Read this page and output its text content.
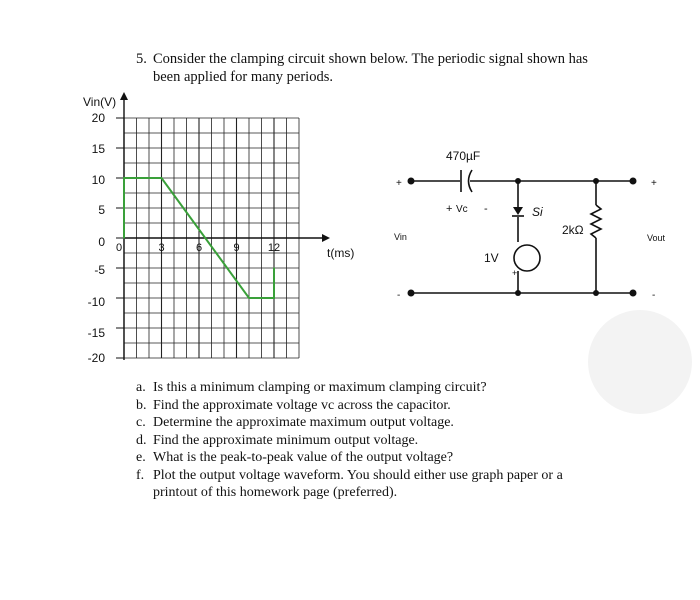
5. Consider the clamping circuit shown below. The periodic signal shown has
been applied for many periods.
20
15
10
5
0
-5
-10
-15
-20
0	3	6	9	12
Vin(V)
t(ms)
470µF
+ Vc -	Si
2kΩ
1V
+
Vin
+
-
Vout
+
-
a. Is this a minimum clamping or maximum clamping circuit?
b. Find the approximate voltage vc across the capacitor.
c. Determine the approximate maximum output voltage.
d. Find the approximate minimum output voltage.
e. What is the peak-to-peak value of the output voltage?
f. Plot the output voltage waveform. You should either use graph paper or a
printout of this homework page (preferred).
